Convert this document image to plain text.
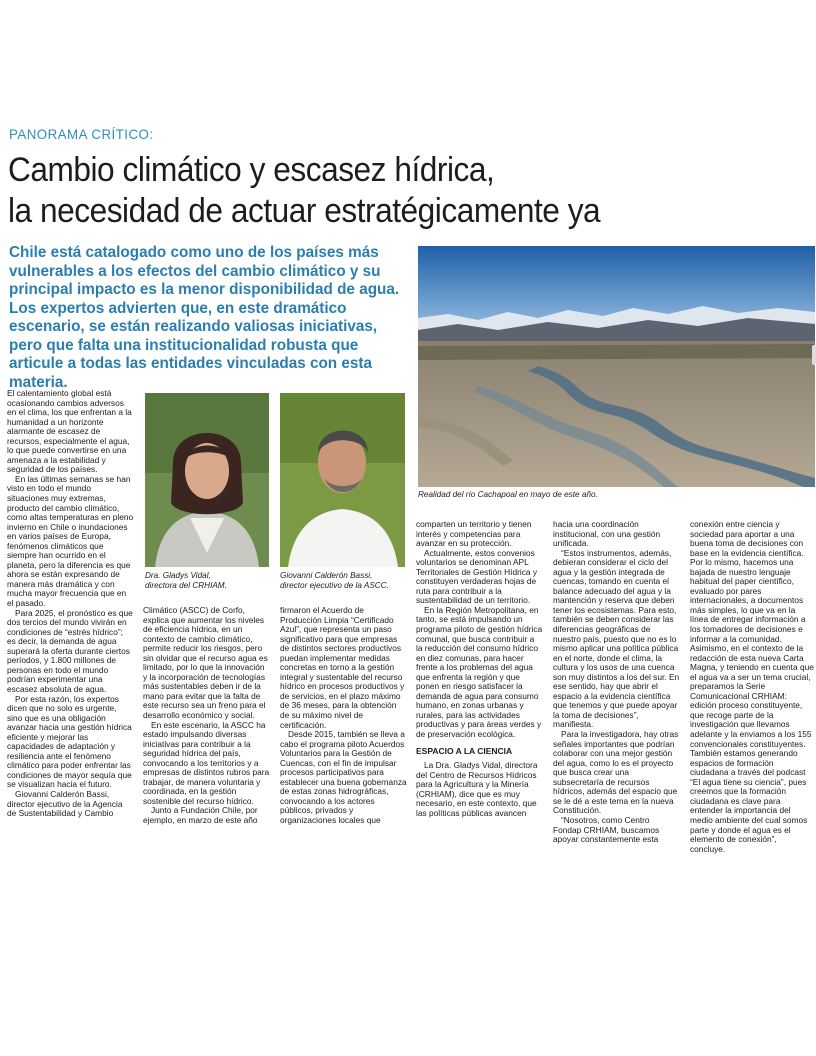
PANORAMA CRÍTICO:
Cambio climático y escasez hídrica,
la necesidad de actuar estratégicamente ya
Chile está catalogado como uno de los países más vulnerables a los efectos del cambio climático y su principal impacto es la menor disponibilidad de agua. Los expertos advierten que, en este dramático escenario, se están realizando valiosas iniciativas, pero que falta una institucionalidad robusta que articule a todas las entidades vinculadas con esta materia.
Realidad del río Cachapoal en mayo de este año.
Dra. Gladys Vidal,
directora del CRHIAM.
Giovanni Calderón Bassi,
director ejecutivo de la ASCC.

El calentamiento global está ocasionando cambios adversos en el clima, los que enfrentan a la humanidad a un horizonte alarmante de escasez de recursos, especialmente el agua, lo que puede convertirse en una amenaza a la estabilidad y seguridad de los países.

En las últimas semanas se han visto en todo el mundo situaciones muy extremas, producto del cambio climático, como altas temperaturas en pleno invierno en Chile o inundaciones en varios países de Europa, fenómenos climáticos que siempre han ocurrido en el planeta, pero la diferencia es que ahora se están expresando de manera más dramática y con mucha mayor frecuencia que en el pasado.

Para 2025, el pronóstico es que dos tercios del mundo vivirán en condiciones de “estrés hídrico”; es decir, la demanda de agua superará la oferta durante ciertos períodos, y 1.800 millones de personas en todo el mundo podrían experimentar una escasez absoluta de agua.

Por esta razón, los expertos dicen que no solo es urgente, sino que es una obligación avanzar hacia una gestión hídrica eficiente y mejorar las capacidades de adaptación y resiliencia ante el fenómeno climático para poder enfrentar las condiciones de mayor sequía que se visualizan hacia el futuro.

Giovanni Calderón Bassi, director ejecutivo de la Agencia de Sustentabilidad y Cambio

Climático (ASCC) de Corfo, explica que aumentar los niveles de eficiencia hídrica, en un contexto de cambio climático, permite reducir los riesgos, pero sin olvidar que el recurso agua es limitado, por lo que la innovación y la incorporación de tecnologías más sustentables deben ir de la mano para evitar que la falta de este recurso sea un freno para el desarrollo económico y social.

En este escenario, la ASCC ha estado impulsando diversas iniciativas para contribuir a la seguridad hídrica del país, convocando a los territorios y a empresas de distintos rubros para trabajar, de manera voluntaria y coordinada, en la gestión sostenible del recurso hídrico.

Junto a Fundación Chile, por ejemplo, en marzo de este año

firmaron el Acuerdo de Producción Limpia “Certificado Azul”, que representa un paso significativo para que empresas de distintos sectores productivos puedan implementar medidas concretas en torno a la gestión integral y sustentable del recurso hídrico en procesos productivos y de servicios, en el plazo máximo de 36 meses, para la obtención de su máximo nivel de certificación.

Desde 2015, también se lleva a cabo el programa piloto Acuerdos Voluntarios para la Gestión de Cuencas, con el fin de impulsar procesos participativos para establecer una buena gobernanza de estas zonas hidrográficas, convocando a los actores públicos, privados y organizaciones locales que

comparten un territorio y tienen interés y competencias para avanzar en su protección.

Actualmente, estos convenios voluntarios se denominan APL Territoriales de Gestión Hídrica y constituyen verdaderas hojas de ruta para contribuir a la sustentabilidad de un territorio.

En la Región Metropolitana, en tanto, se está impulsando un programa piloto de gestión hídrica comunal, que busca contribuir a la reducción del consumo hídrico en diez comunas, para hacer frente a los problemas del agua que enfrenta la región y que ponen en riesgo satisfacer la demanda de agua para consumo humano, en zonas urbanas y rurales, para las actividades productivas y para áreas verdes y de preservación ecológica.

ESPACIO A LA CIENCIA

La Dra. Gladys Vidal, directora del Centro de Recursos Hídricos para la Agricultura y la Minería (CRHIAM), dice que es muy necesario, en este contexto, que las políticas públicas avancen

hacia una coordinación institucional, con una gestión unificada.

“Estos instrumentos, además, debieran considerar el ciclo del agua y la gestión integrada de cuencas, tomando en cuenta el balance adecuado del agua y la mantención y reserva que deben tener los ecosistemas. Para esto, también se deben considerar las diferencias geográficas de nuestro país, puesto que no es lo mismo aplicar una política pública en el norte, donde el clima, la cultura y los usos de una cuenca son muy distintos a los del sur. En ese sentido, hay que abrir el espacio a la evidencia científica que tenemos y que puede apoyar la toma de decisiones”, manifiesta.

Para la investigadora, hay otras señales importantes que podrían colaborar con una mejor gestión del agua, como lo es el proyecto que busca crear una subsecretaría de recursos hídricos, además del espacio que se le dé a este tema en la nueva Constitución.

“Nosotros, como Centro Fondap CRHIAM, buscamos apoyar constantemente esta

conexión entre ciencia y sociedad para aportar a una buena toma de decisiones con base en la evidencia científica. Por lo mismo, hacemos una bajada de nuestro lenguaje habitual del paper científico, evaluado por pares internacionales, a documentos más simples, lo que va en la línea de entregar información a los tomadores de decisiones e informar a la comunidad. Asimismo, en el contexto de la redacción de esta nueva Carta Magna, y teniendo en cuenta que el agua va a ser un tema crucial, preparamos la Serie Comunicacional CRHIAM: edición proceso constituyente, que recoge parte de la investigación que llevamos adelante y la enviamos a los 155 convencionales constituyentes. También estamos generando espacios de formación ciudadana a través del podcast “El agua tiene su ciencia”, pues creemos que la formación ciudadana es clave para entender la importancia del medio ambiente del cual somos parte y donde el agua es el elemento de conexión”, concluye.
